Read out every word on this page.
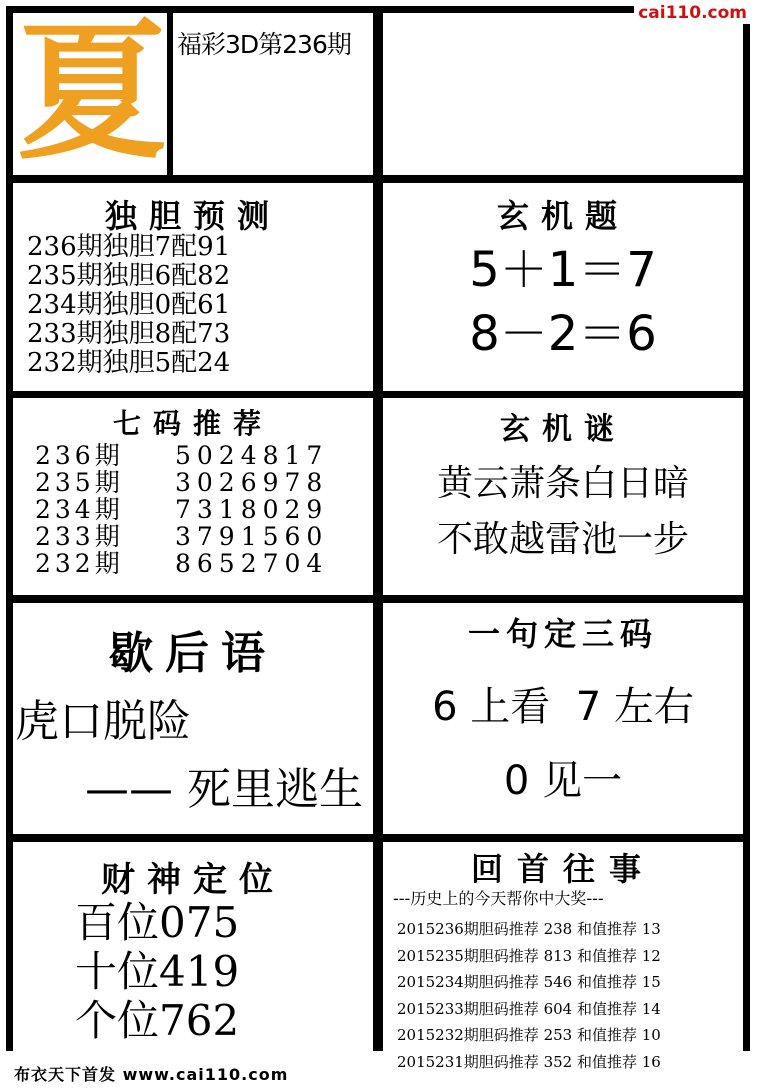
夏 福彩3D第236期
独胆预测
236期独胆7配91
235期独胆6配82
234期独胆0配61
233期独胆8配73
232期独胆5配24
玄机题
5＋1＝7
8－2＝6
七码推荐
236期	5024817
235期	3026978
234期	7318029
233期	3791560
232期	8652704
玄机谜
黄云萧条白日暗
不敢越雷池一步
歇后语
虎口脱险
—— 死里逃生
一句定三码
6 上看  7 左右
0 见一
财神定位
百位075
十位419
个位762
回首往事
---历史上的今天帮你中大奖---
2015236期胆码推荐 238 和值推荐 13
2015235期胆码推荐 813 和值推荐 12
2015234期胆码推荐 546 和值推荐 15
2015233期胆码推荐 604 和值推荐 14
2015232期胆码推荐 253 和值推荐 10
2015231期胆码推荐 352 和值推荐 16
cai110.com
布衣天下首发 www.cai110.com
